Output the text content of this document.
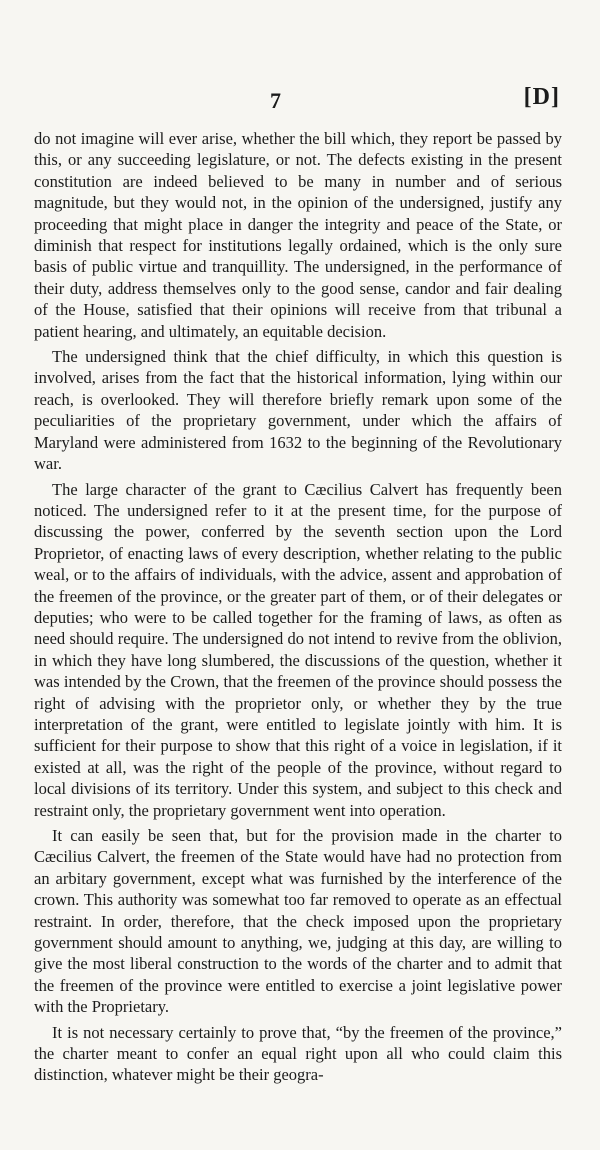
7	[D]

do not imagine will ever arise, whether the bill which, they report be passed by this, or any succeeding legislature, or not. The defects existing in the present constitution are indeed believed to be many in number and of serious magnitude, but they would not, in the opinion of the undersigned, justify any proceeding that might place in danger the integrity and peace of the State, or diminish that respect for institutions legally ordained, which is the only sure basis of public virtue and tranquillity. The undersigned, in the performance of their duty, address themselves only to the good sense, candor and fair dealing of the House, satisfied that their opinions will receive from that tribunal a patient hearing, and ultimately, an equitable decision.

The undersigned think that the chief difficulty, in which this question is involved, arises from the fact that the historical information, lying within our reach, is overlooked. They will therefore briefly remark upon some of the peculiarities of the proprietary government, under which the affairs of Maryland were administered from 1632 to the beginning of the Revolutionary war.

The large character of the grant to Cæcilius Calvert has frequently been noticed. The undersigned refer to it at the present time, for the purpose of discussing the power, conferred by the seventh section upon the Lord Proprietor, of enacting laws of every description, whether relating to the public weal, or to the affairs of individuals, with the advice, assent and approbation of the freemen of the province, or the greater part of them, or of their delegates or deputies; who were to be called together for the framing of laws, as often as need should require. The undersigned do not intend to revive from the oblivion, in which they have long slumbered, the discussions of the question, whether it was intended by the Crown, that the freemen of the province should possess the right of advising with the proprietor only, or whether they by the true interpretation of the grant, were entitled to legislate jointly with him. It is sufficient for their purpose to show that this right of a voice in legislation, if it existed at all, was the right of the people of the province, without regard to local divisions of its territory. Under this system, and subject to this check and restraint only, the proprietary government went into operation.

It can easily be seen that, but for the provision made in the charter to Cæcilius Calvert, the freemen of the State would have had no protection from an arbitary government, except what was furnished by the interference of the crown. This authority was somewhat too far removed to operate as an effectual restraint. In order, therefore, that the check imposed upon the proprietary government should amount to anything, we, judging at this day, are willing to give the most liberal construction to the words of the charter and to admit that the freemen of the province were entitled to exercise a joint legislative power with the Proprietary.

It is not necessary certainly to prove that, “by the freemen of the province,” the charter meant to confer an equal right upon all who could claim this distinction, whatever might be their geogra-
